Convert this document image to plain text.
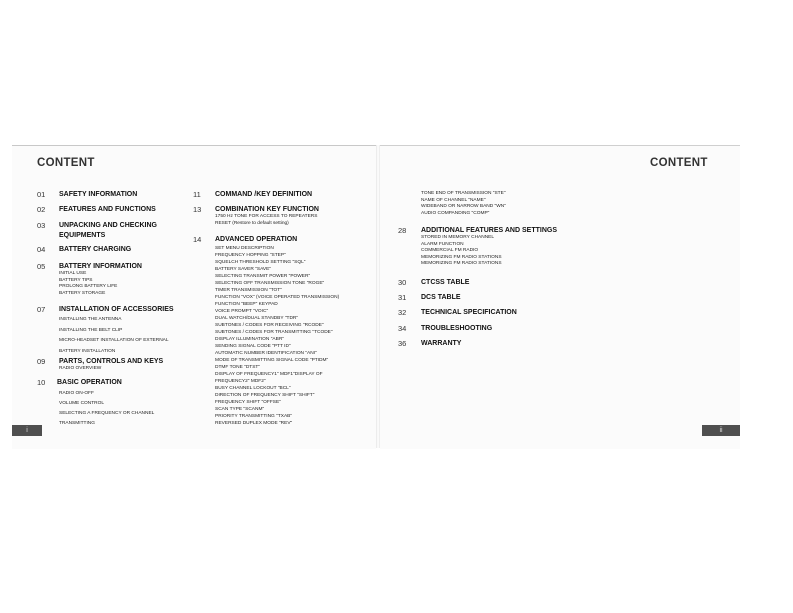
CONTENT
01 SAFETY INFORMATION
02 FEATURES AND FUNCTIONS
03 UNPACKING AND CHECKING
EQUIPMENTS
04 BATTERY CHARGING
05 BATTERY INFORMATION
INITIAL USE
BATTERY TIPS
PROLONG BATTERY LIFE
BATTERY STORAGE
07 INSTALLATION OF ACCESSORIES
INSTALLING THE ANTENNA
INSTALLING THE BELT CLIP
MICRO-HEADSET INSTALLATION OF EXTERNAL
BATTERY INSTALLATION
09 PARTS, CONTROLS AND KEYS
RADIO OVERVIEW
10 BASIC OPERATION
RADIO ON-OFF
VOLUME CONTROL
SELECTING A FREQUENCY OR CHANNEL
TRANSMITTING
11 COMMAND /KEY DEFINITION
13 COMBINATION KEY FUNCTION
1750 Hz TONE FOR ACCESS TO REPEATERS
RESET (Restore to default setting)
14 ADVANCED OPERATION
SET MENU DESCRIPTION
FREQUENCY HOPPING "STEP"
SQUELCH THRESHOLD SETTING "SQL"
BATTERY SAVER "SAVE"
SELECTING TRANSMIT POWER "POWER"
SELECTING OFF TRANSMISSION TONE "ROGE"
TIMER TRANSMISSION "TOT"
FUNCTION "VOX" (VOICE OPERATED TRANSMISSION)
FUNCTION "BEEP" KEYPAD
VOICE PROMPT "VOIC"
DUAL WATCH/DUAL STANDBY "TDR"
SUBTONES / CODES FOR RECEIVING "RCODE"
SUBTONES / CODES FOR TRANSMITTING "TCODE"
DISPLAY ILLUMINATION "ABR"
SENDING SIGNAL CODE "PTT ID"
AUTOMATIC NUMBER IDENTIFICATION "ANI"
MODE OF TRANSMITTING SIGNAL CODE "PTIDM"
DTMF TONE "DTST"
DISPLAY OF FREQUENCY1" MDF1"DISPLAY OF
FREQUENCY2" MDF2"
BUSY CHANNEL LOCKOUT "BCL"
DIRECTION OF FREQUENCY SHIFT "SHIFT"
FREQUENCY SHIFT "OFFSE"
SCAN TYPE "SCANM"
PRIORITY TRANSMITTING "TXAB"
REVERSED DUPLEX MODE "REV"
i
CONTENT
TONE END OF TRANSMISSION "STE"
NAME OF CHANNEL "NAME"
WIDEBAND OR NARROW BAND "WN"
AUDIO COMPANDING "COMP"
28 ADDITIONAL FEATURES AND SETTINGS
STORED IN MEMORY CHANNEL
ALARM FUNCTION
COMMERCIAL FM RADIO
MEMORIZING FM RADIO STATIONS
MEMORIZING FM RADIO STATIONS
30 CTCSS TABLE
31 DCS TABLE
32 TECHNICAL SPECIFICATION
34 TROUBLESHOOTING
36 WARRANTY
ii
